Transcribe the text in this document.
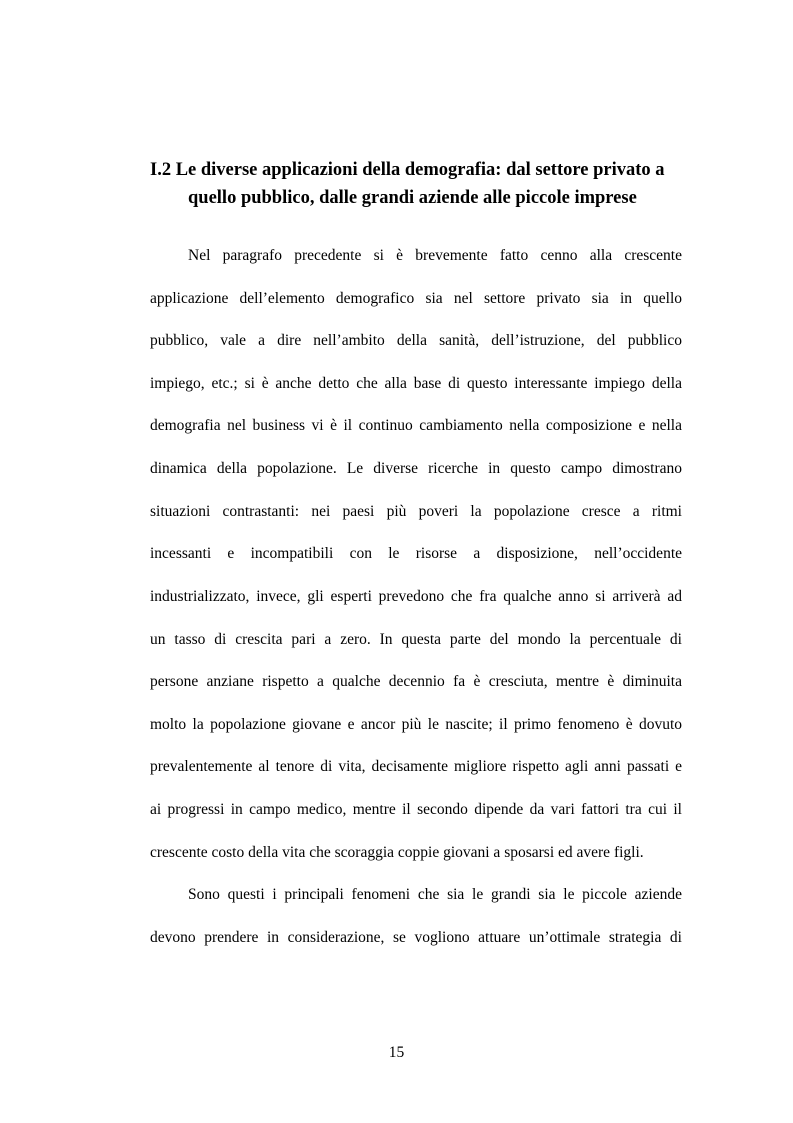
I.2 Le diverse applicazioni della demografia: dal settore privato a
quello pubblico, dalle grandi aziende alle piccole imprese
Nel paragrafo precedente si è brevemente fatto cenno alla crescente
applicazione dell’elemento demografico sia nel settore privato sia in quello
pubblico, vale a dire nell’ambito della sanità, dell’istruzione, del pubblico
impiego, etc.; si è anche detto che alla base di questo interessante impiego della
demografia nel business vi è il continuo cambiamento nella composizione e nella
dinamica della popolazione. Le diverse ricerche in questo campo dimostrano
situazioni contrastanti: nei paesi più poveri la popolazione cresce a ritmi
incessanti e incompatibili con le risorse a disposizione, nell’occidente
industrializzato, invece, gli esperti prevedono che fra qualche anno si arriverà ad
un tasso di crescita pari a zero. In questa parte del mondo la percentuale di
persone anziane rispetto a qualche decennio fa è cresciuta, mentre è diminuita
molto la popolazione giovane e ancor più le nascite; il primo fenomeno è dovuto
prevalentemente al tenore di vita, decisamente migliore rispetto agli anni passati e
ai progressi in campo medico, mentre il secondo dipende da vari fattori tra cui il
crescente costo della vita che scoraggia coppie giovani a sposarsi ed avere figli.
Sono questi i principali fenomeni che sia le grandi sia le piccole aziende
devono prendere in considerazione, se vogliono attuare un’ottimale strategia di
15
